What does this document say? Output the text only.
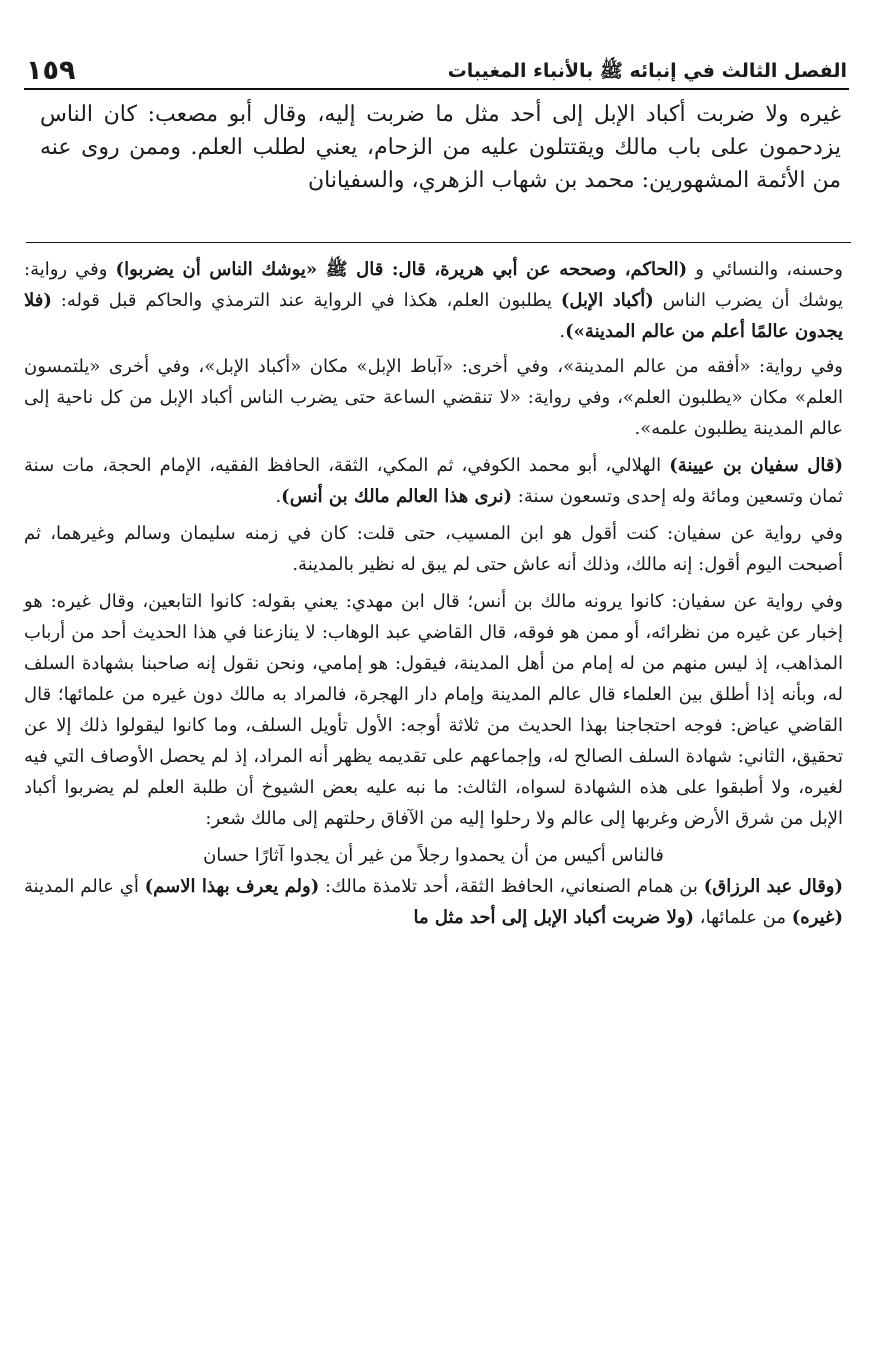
١٥٩	الفصل الثالث في إنبائه ﷺ بالأنباء المغيبات

غيره ولا ضربت أكباد الإبل إلى أحد مثل ما ضربت إليه، وقال أبو مصعب: كان الناس يزدحمون على باب مالك ويقتتلون عليه من الزحام، يعني لطلب العلم. وممن روى عنه من الأئمة المشهورين: محمد بن شهاب الزهري، والسفيانان

وحسنه، والنسائي و (الحاكم، وصححه عن أبي هريرة، قال: قال ﷺ «يوشك الناس أن يضربوا) وفي رواية: يوشك أن يضرب الناس (أكباد الإبل) يطلبون العلم، هكذا في الرواية عند الترمذي والحاكم قبل قوله: (فلا يجدون عالمًا أعلم من عالم المدينة»).

وفي رواية: «أفقه من عالم المدينة»، وفي أخرى: «آباط الإبل» مكان «أكباد الإبل»، وفي أخرى «يلتمسون العلم» مكان «يطلبون العلم»، وفي رواية: «لا تنقضي الساعة حتى يضرب الناس أكباد الإبل من كل ناحية إلى عالم المدينة يطلبون علمه».

(قال سفيان بن عيينة) الهلالي، أبو محمد الكوفي، ثم المكي، الثقة، الحافظ الفقيه، الإمام الحجة، مات سنة ثمان وتسعين ومائة وله إحدى وتسعون سنة: (نرى هذا العالم مالك بن أنس).

وفي رواية عن سفيان: كنت أقول هو ابن المسيب، حتى قلت: كان في زمنه سليمان وسالم وغيرهما، ثم أصبحت اليوم أقول: إنه مالك، وذلك أنه عاش حتى لم يبق له نظير بالمدينة.

وفي رواية عن سفيان: كانوا يرونه مالك بن أنس؛ قال ابن مهدي: يعني بقوله: كانوا التابعين، وقال غيره: هو إخبار عن غيره من نظرائه، أو ممن هو فوقه، قال القاضي عبد الوهاب: لا ينازعنا في هذا الحديث أحد من أرباب المذاهب، إذ ليس منهم من له إمام من أهل المدينة، فيقول: هو إمامي، ونحن نقول إنه صاحبنا بشهادة السلف له، وبأنه إذا أطلق بين العلماء قال عالم المدينة وإمام دار الهجرة، فالمراد به مالك دون غيره من علمائها؛ قال القاضي عياض: فوجه احتجاجنا بهذا الحديث من ثلاثة أوجه: الأول تأويل السلف، وما كانوا ليقولوا ذلك إلا عن تحقيق، الثاني: شهادة السلف الصالح له، وإجماعهم على تقديمه يظهر أنه المراد، إذ لم يحصل الأوصاف التي فيه لغيره، ولا أطبقوا على هذه الشهادة لسواه، الثالث: ما نبه عليه بعض الشيوخ أن طلبة العلم لم يضربوا أكباد الإبل من شرق الأرض وغربها إلى عالم ولا رحلوا إليه من الآفاق رحلتهم إلى مالك شعر:

فالناس أكيس من أن يحمدوا رجلاً من غير أن يجدوا آثارًا حسان

(وقال عبد الرزاق) بن همام الصنعاني، الحافظ الثقة، أحد تلامذة مالك: (ولم يعرف بهذا الاسم) أي عالم المدينة (غيره) من علمائها، (ولا ضربت أكباد الإبل إلى أحد مثل ما
